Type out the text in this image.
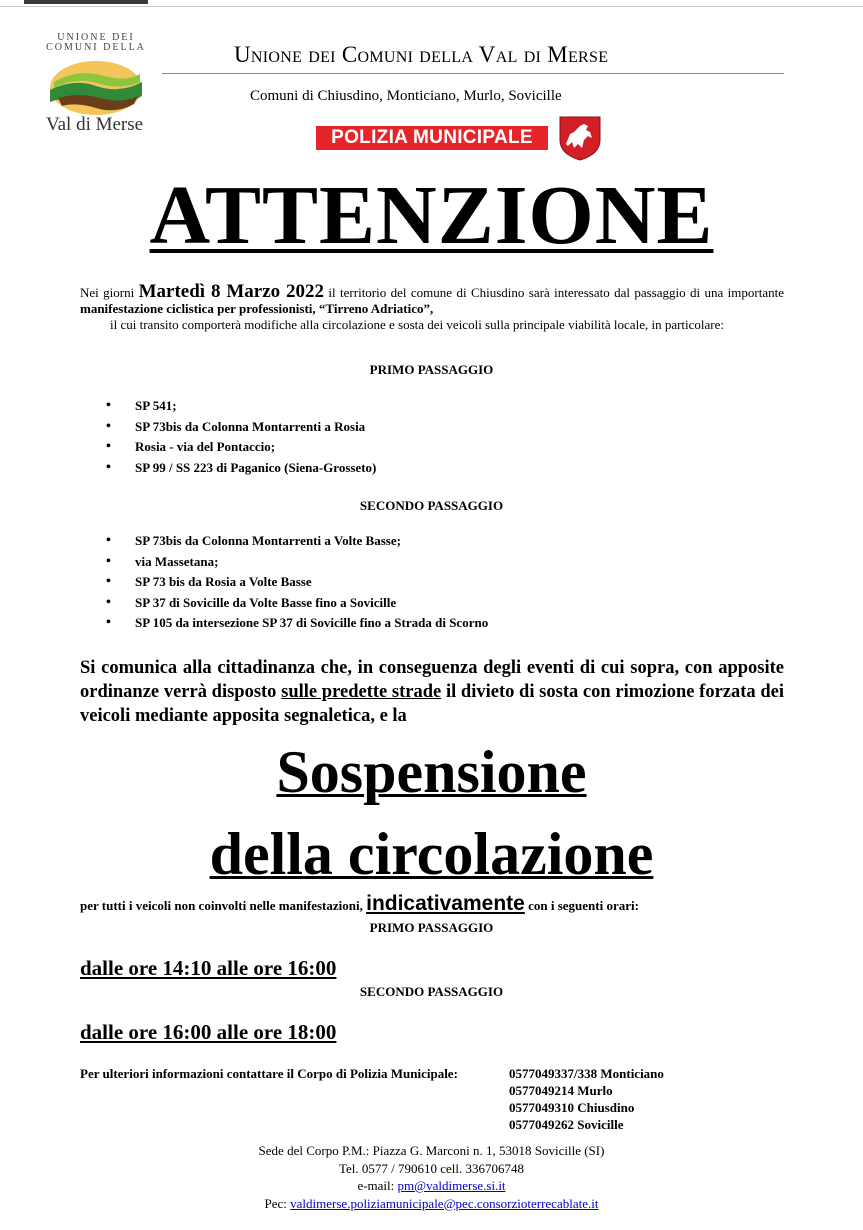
UNIONE DEI COMUNI DELLA
Val di Merse
Unione dei Comuni della Val di Merse
Comuni di Chiusdino, Monticiano, Murlo, Sovicille
POLIZIA MUNICIPALE
ATTENZIONE
Nei giorni Martedì 8 Marzo 2022 il territorio del comune di Chiusdino sarà interessato dal passaggio di una importante manifestazione ciclistica per professionisti, “Tirreno Adriatico”,
il cui transito comporterà modifiche alla circolazione e sosta dei veicoli sulla principale viabilità locale, in particolare:
PRIMO PASSAGGIO
• SP 541;
• SP 73bis da Colonna Montarrenti a Rosia
• Rosia - via del Pontaccio;
• SP 99 / SS 223 di Paganico (Siena-Grosseto)
SECONDO PASSAGGIO
• SP 73bis da Colonna Montarrenti a Volte Basse;
• via Massetana;
• SP 73 bis da Rosia a Volte Basse
• SP 37 di Sovicille da Volte Basse fino a Sovicille
• SP 105 da intersezione SP 37 di Sovicille fino a Strada di Scorno
Si comunica alla cittadinanza che, in conseguenza degli eventi di cui sopra, con apposite ordinanze verrà disposto sulle predette strade il divieto di sosta con rimozione forzata dei veicoli mediante apposita segnaletica, e la
Sospensione
della circolazione
per tutti i veicoli non coinvolti nelle manifestazioni, indicativamente con i seguenti orari:
PRIMO PASSAGGIO
dalle ore 14:10 alle ore 16:00
SECONDO PASSAGGIO
dalle ore 16:00 alle ore 18:00
Per ulteriori informazioni contattare il Corpo di Polizia Municipale:	0577049337/338 Monticiano
0577049214 Murlo
0577049310 Chiusdino
0577049262 Sovicille
Sede del Corpo P.M.: Piazza G. Marconi n. 1, 53018 Sovicille (SI)
Tel. 0577 / 790610 cell. 336706748
e-mail: pm@valdimerse.si.it
Pec: valdimerse.poliziamunicipale@pec.consorzioterrecablate.it
